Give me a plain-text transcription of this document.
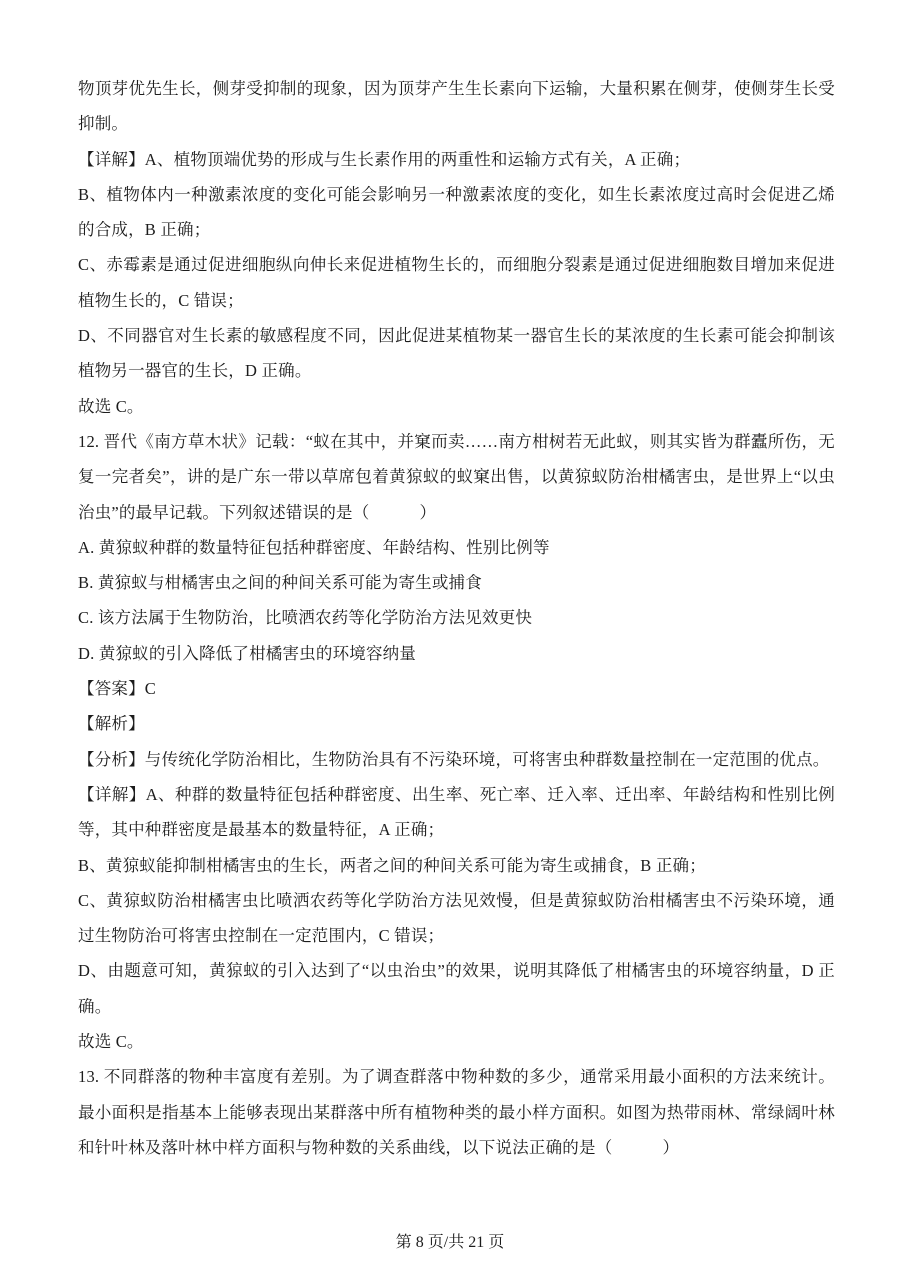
物顶芽优先生长，侧芽受抑制的现象，因为顶芽产生生长素向下运输，大量积累在侧芽，使侧芽生长受抑制。

【详解】A、植物顶端优势的形成与生长素作用的两重性和运输方式有关，A 正确；

B、植物体内一种激素浓度的变化可能会影响另一种激素浓度的变化，如生长素浓度过高时会促进乙烯的合成，B 正确；

C、赤霉素是通过促进细胞纵向伸长来促进植物生长的，而细胞分裂素是通过促进细胞数目增加来促进植物生长的，C 错误；

D、不同器官对生长素的敏感程度不同，因此促进某植物某一器官生长的某浓度的生长素可能会抑制该植物另一器官的生长，D 正确。

故选 C。

12. 晋代《南方草木状》记载：“蚁在其中，并窠而卖……南方柑树若无此蚁，则其实皆为群蠹所伤，无复一完者矣”，讲的是广东一带以草席包着黄猄蚁的蚁窠出售，以黄猄蚁防治柑橘害虫，是世界上“以虫治虫”的最早记载。下列叙述错误的是（　　　）

A. 黄猄蚁种群的数量特征包括种群密度、年龄结构、性别比例等

B. 黄猄蚁与柑橘害虫之间的种间关系可能为寄生或捕食

C. 该方法属于生物防治，比喷洒农药等化学防治方法见效更快

D. 黄猄蚁的引入降低了柑橘害虫的环境容纳量

【答案】C

【解析】

【分析】与传统化学防治相比，生物防治具有不污染环境，可将害虫种群数量控制在一定范围的优点。

【详解】A、种群的数量特征包括种群密度、出生率、死亡率、迁入率、迁出率、年龄结构和性别比例等，其中种群密度是最基本的数量特征，A 正确；

B、黄猄蚁能抑制柑橘害虫的生长，两者之间的种间关系可能为寄生或捕食，B 正确；

C、黄猄蚁防治柑橘害虫比喷洒农药等化学防治方法见效慢，但是黄猄蚁防治柑橘害虫不污染环境，通过生物防治可将害虫控制在一定范围内，C 错误；

D、由题意可知，黄猄蚁的引入达到了“以虫治虫”的效果，说明其降低了柑橘害虫的环境容纳量，D 正确。

故选 C。

13. 不同群落的物种丰富度有差别。为了调查群落中物种数的多少，通常采用最小面积的方法来统计。最小面积是指基本上能够表现出某群落中所有植物种类的最小样方面积。如图为热带雨林、常绿阔叶林和针叶林及落叶林中样方面积与物种数的关系曲线，以下说法正确的是（　　　）

第 8 页/共 21 页
